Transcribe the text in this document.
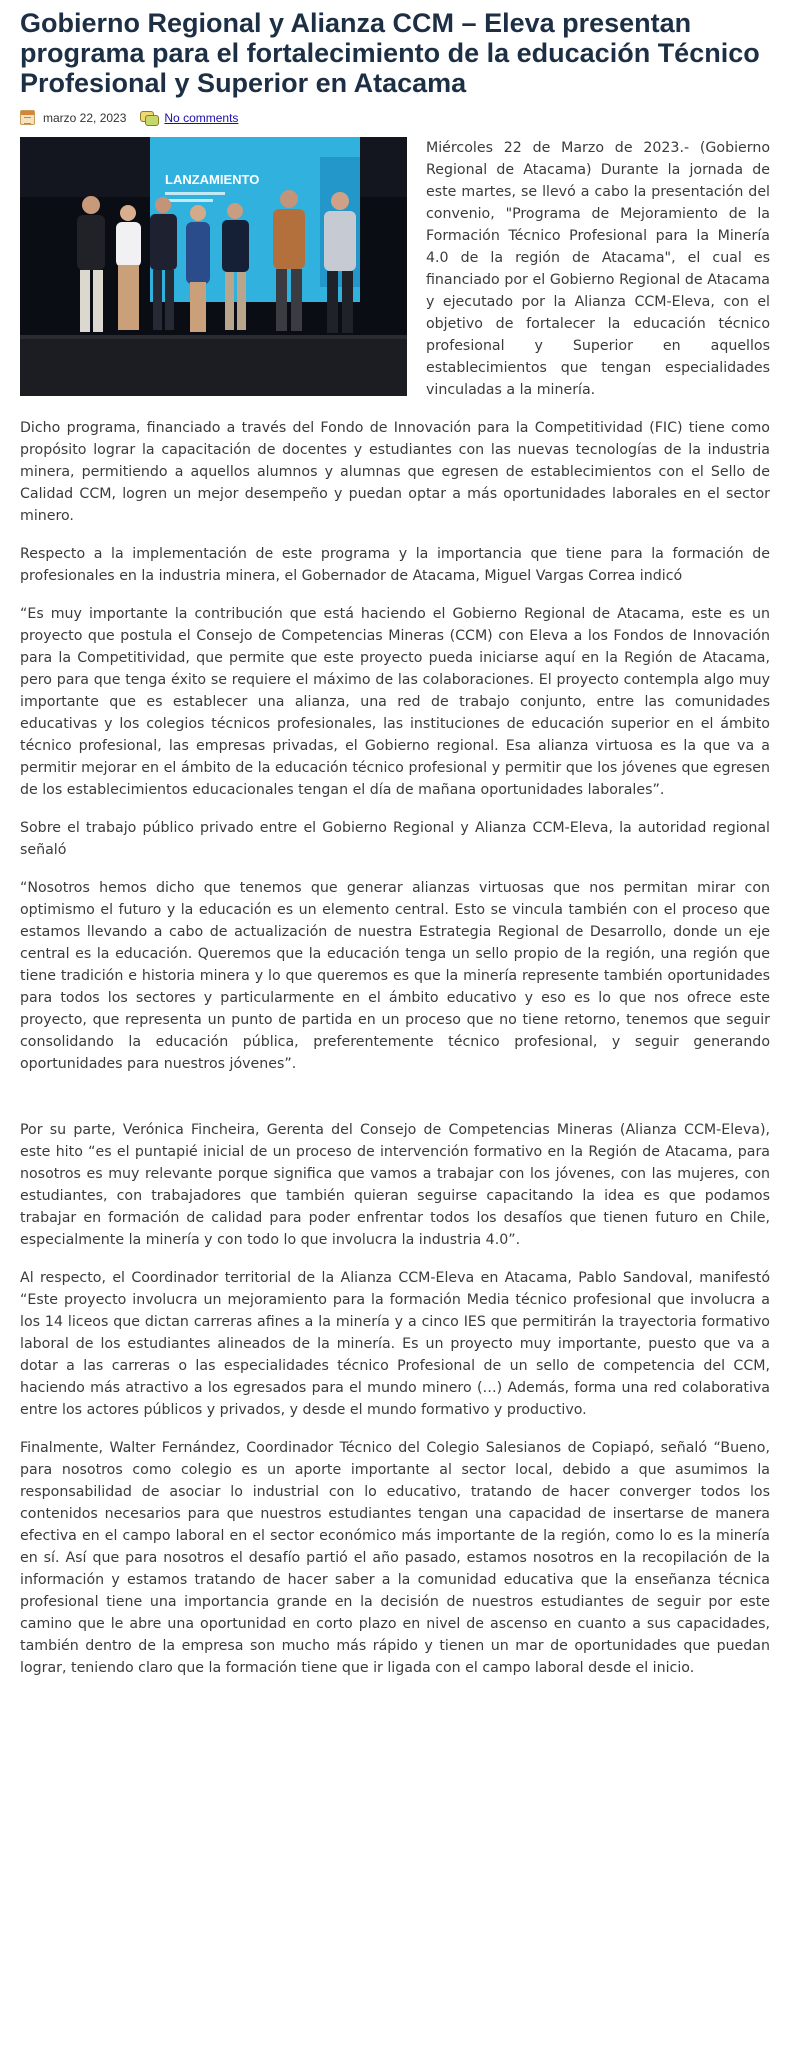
Gobierno Regional y Alianza CCM – Eleva presentan programa para el fortalecimiento de la educación Técnico Profesional y Superior en Atacama
marzo 22, 2023	No comments
LANZAMIENTO

Miércoles 22 de Marzo de 2023.- (Gobierno Regional de Atacama) Durante la jornada de este martes, se llevó a cabo la presentación del convenio, "Programa de Mejoramiento de la Formación Técnico Profesional para la Minería 4.0 de la región de Atacama", el cual es financiado por el Gobierno Regional de Atacama y ejecutado por la Alianza CCM-Eleva, con el objetivo de fortalecer la educación técnico profesional y Superior en aquellos establecimientos que tengan especialidades vinculadas a la minería.

Dicho programa, financiado a través del Fondo de Innovación para la Competitividad (FIC) tiene como propósito lograr la capacitación de docentes y estudiantes con las nuevas tecnologías de la industria minera, permitiendo a aquellos alumnos y alumnas que egresen de establecimientos con el Sello de Calidad CCM, logren un mejor desempeño y puedan optar a más oportunidades laborales en el sector minero.

Respecto a la implementación de este programa y la importancia que tiene para la formación de profesionales en la industria minera, el Gobernador de Atacama, Miguel Vargas Correa indicó

“Es muy importante la contribución que está haciendo el Gobierno Regional de Atacama, este es un proyecto que postula el Consejo de Competencias Mineras (CCM) con Eleva a los Fondos de Innovación para la Competitividad, que permite que este proyecto pueda iniciarse aquí en la Región de Atacama, pero para que tenga éxito se requiere el máximo de las colaboraciones. El proyecto contempla algo muy importante que es establecer una alianza, una red de trabajo conjunto, entre las comunidades educativas y los colegios técnicos profesionales, las instituciones de educación superior en el ámbito técnico profesional, las empresas privadas, el Gobierno regional. Esa alianza virtuosa es la que va a permitir mejorar en el ámbito de la educación técnico profesional y permitir que los jóvenes que egresen de los establecimientos educacionales tengan el día de mañana oportunidades laborales”.

Sobre el trabajo público privado entre el Gobierno Regional y Alianza CCM-Eleva, la autoridad regional señaló

“Nosotros hemos dicho que tenemos que generar alianzas virtuosas que nos permitan mirar con optimismo el futuro y la educación es un elemento central. Esto se vincula también con el proceso que estamos llevando a cabo de actualización de nuestra Estrategia Regional de Desarrollo, donde un eje central es la educación. Queremos que la educación tenga un sello propio de la región, una región que tiene tradición e historia minera y lo que queremos es que la minería represente también oportunidades para todos los sectores y particularmente en el ámbito educativo y eso es lo que nos ofrece este proyecto, que representa un punto de partida en un proceso que no tiene retorno, tenemos que seguir consolidando la educación pública, preferentemente técnico profesional, y seguir generando oportunidades para nuestros jóvenes”.

Por su parte, Verónica Fincheira, Gerenta del Consejo de Competencias Mineras (Alianza CCM-Eleva), este hito “es el puntapié inicial de un proceso de intervención formativo en la Región de Atacama, para nosotros es muy relevante porque significa que vamos a trabajar con los jóvenes, con las mujeres, con estudiantes, con trabajadores que también quieran seguirse capacitando la idea es que podamos trabajar en formación de calidad para poder enfrentar todos los desafíos que tienen futuro en Chile, especialmente la minería y con todo lo que involucra la industria 4.0”.

Al respecto, el Coordinador territorial de la Alianza CCM-Eleva en Atacama, Pablo Sandoval, manifestó “Este proyecto involucra un mejoramiento para la formación Media técnico profesional que involucra a los 14 liceos que dictan carreras afines a la minería y a cinco IES que permitirán la trayectoria formativo laboral de los estudiantes alineados de la minería. Es un proyecto muy importante, puesto que va a dotar a las carreras o las especialidades técnico Profesional de un sello de competencia del CCM, haciendo más atractivo a los egresados para el mundo minero (…) Además, forma una red colaborativa entre los actores públicos y privados, y desde el mundo formativo y productivo.

Finalmente, Walter Fernández, Coordinador Técnico del Colegio Salesianos de Copiapó, señaló “Bueno, para nosotros como colegio es un aporte importante al sector local, debido a que asumimos la responsabilidad de asociar lo industrial con lo educativo, tratando de hacer converger todos los contenidos necesarios para que nuestros estudiantes tengan una capacidad de insertarse de manera efectiva en el campo laboral en el sector económico más importante de la región, como lo es la minería en sí. Así que para nosotros el desafío partió el año pasado, estamos nosotros en la recopilación de la información y estamos tratando de hacer saber a la comunidad educativa que la enseñanza técnica profesional tiene una importancia grande en la decisión de nuestros estudiantes de seguir por este camino que le abre una oportunidad en corto plazo en nivel de ascenso en cuanto a sus capacidades, también dentro de la empresa son mucho más rápido y tienen un mar de oportunidades que puedan lograr, teniendo claro que la formación tiene que ir ligada con el campo laboral desde el inicio.
